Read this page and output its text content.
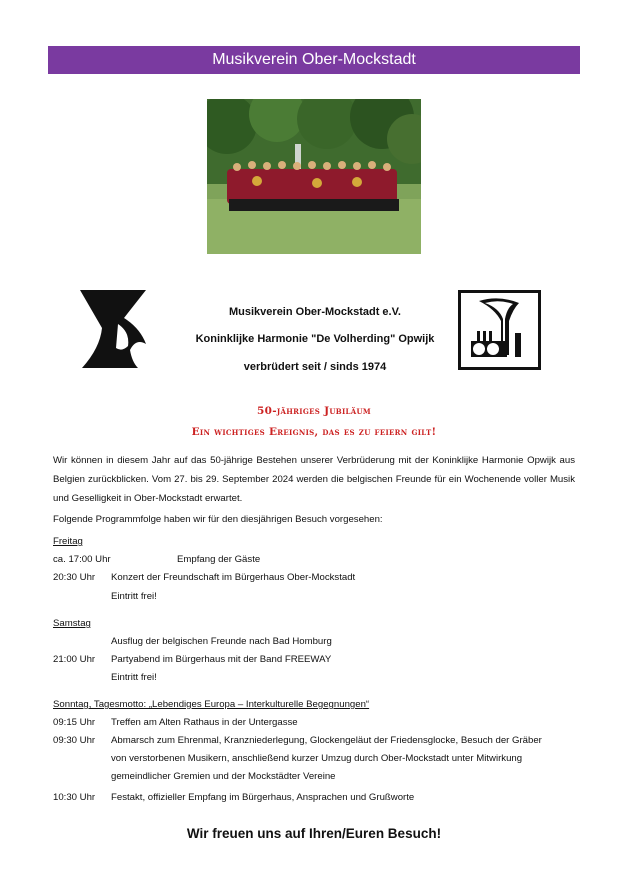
Musikverein Ober-Mockstadt
Musikverein Ober-Mockstadt e.V.
Koninklijke Harmonie "De Volherding" Opwijk
verbrüdert seit / sinds 1974
50-jähriges Jubiläum
Ein wichtiges Ereignis, das es zu feiern gilt!
Wir können in diesem Jahr auf das 50-jährige Bestehen unserer Verbrüderung mit der Koninklijke Harmonie Opwijk aus Belgien zurückblicken. Vom 27. bis 29. September 2024 werden die belgischen Freunde für ein Wochenende voller Musik und Geselligkeit in Ober-Mockstadt erwartet.
Folgende Programmfolge haben wir für den diesjährigen Besuch vorgesehen:
Freitag
ca. 17:00 Uhr	Empfang der Gäste
20:30 Uhr Konzert der Freundschaft im Bürgerhaus Ober-Mockstadt
Eintritt frei!
Samstag
Ausflug der belgischen Freunde nach Bad Homburg
21:00 Uhr Partyabend im Bürgerhaus mit der Band FREEWAY
Eintritt frei!
Sonntag, Tagesmotto: „Lebendiges Europa – Interkulturelle Begegnungen“
09:15 Uhr Treffen am Alten Rathaus in der Untergasse
09:30 Uhr Abmarsch zum Ehrenmal, Kranzniederlegung, Glockengeläut der Friedensglocke, Besuch der Gräber
von verstorbenen Musikern, anschließend kurzer Umzug durch Ober-Mockstadt unter Mitwirkung
gemeindlicher Gremien und der Mockstädter Vereine
10:30 Uhr Festakt, offizieller Empfang im Bürgerhaus, Ansprachen und Grußworte
Wir freuen uns auf Ihren/Euren Besuch!
